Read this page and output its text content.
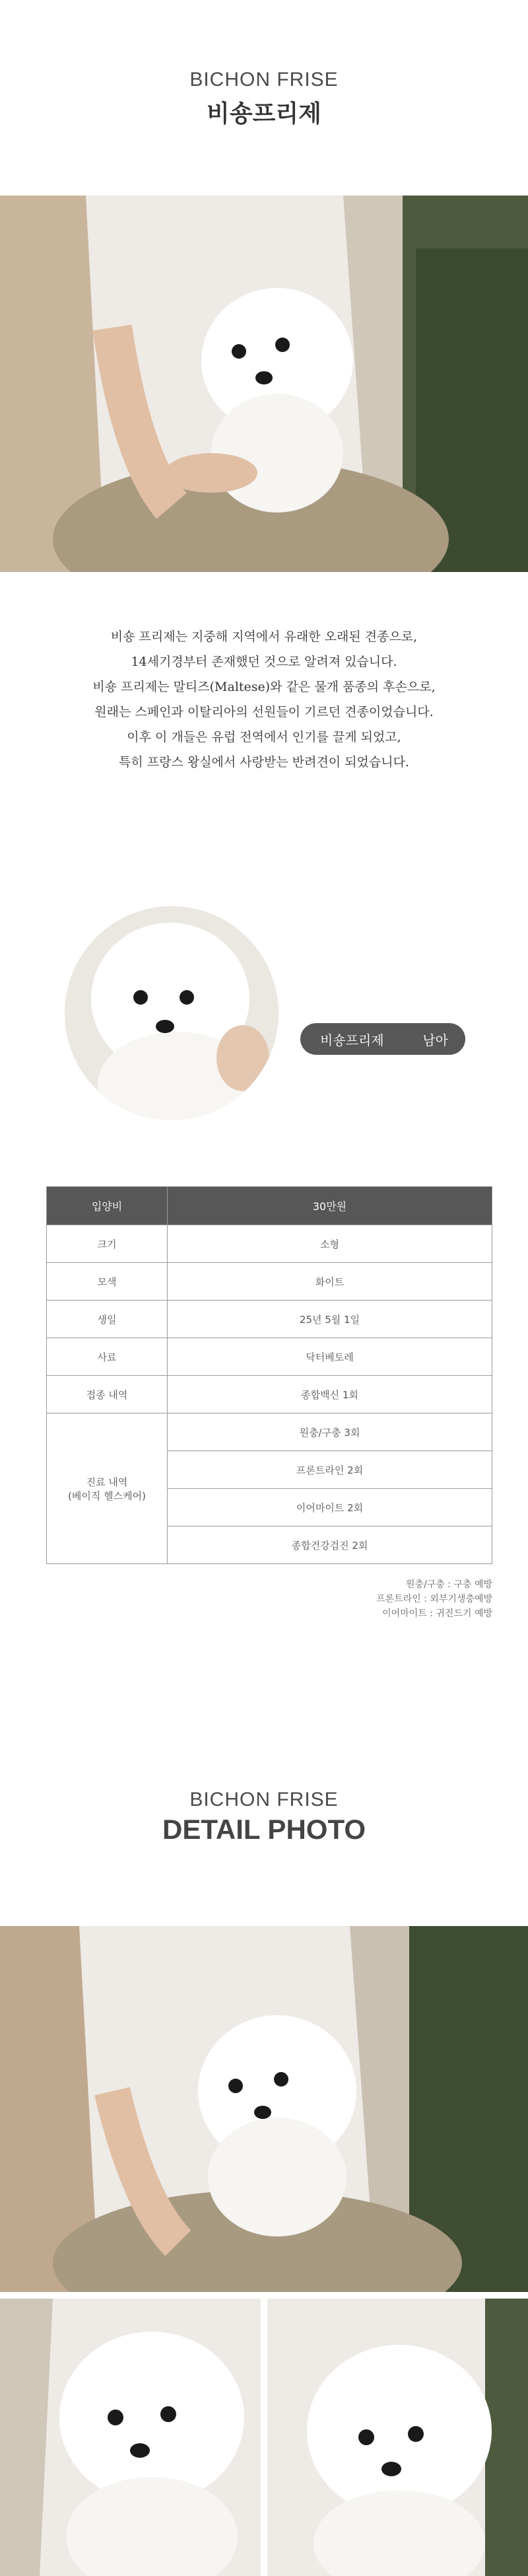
BICHON FRISE
비숑프리제
비숑 프리제는 지중해 지역에서 유래한 오래된 견종으로,
14세기경부터 존재했던 것으로 알려져 있습니다.
비숑 프리제는 말티즈(Maltese)와 같은 물개 품종의 후손으로,
원래는 스페인과 이탈리아의 선원들이 기르던 견종이었습니다.
이후 이 개들은 유럽 전역에서 인기를 끌게 되었고,
특히 프랑스 왕실에서 사랑받는 반려견이 되었습니다.
비숑프리제	남아
입양비	30만원
크기	소형
모색	화이트
생일	25년 5월 1일
사료	닥터베토레
접종 내역	종합백신 1회

진료 내역
(베이직 헬스케어)	원충/구충 3회
	프론트라인 2회
	이어마이트 2회
	종합건강검진 2회
원충/구충 : 구충 예방
프론트라인 : 외부기생충예방
이어마이트 : 귀진드기 예방
BICHON FRISE
DETAIL PHOTO
